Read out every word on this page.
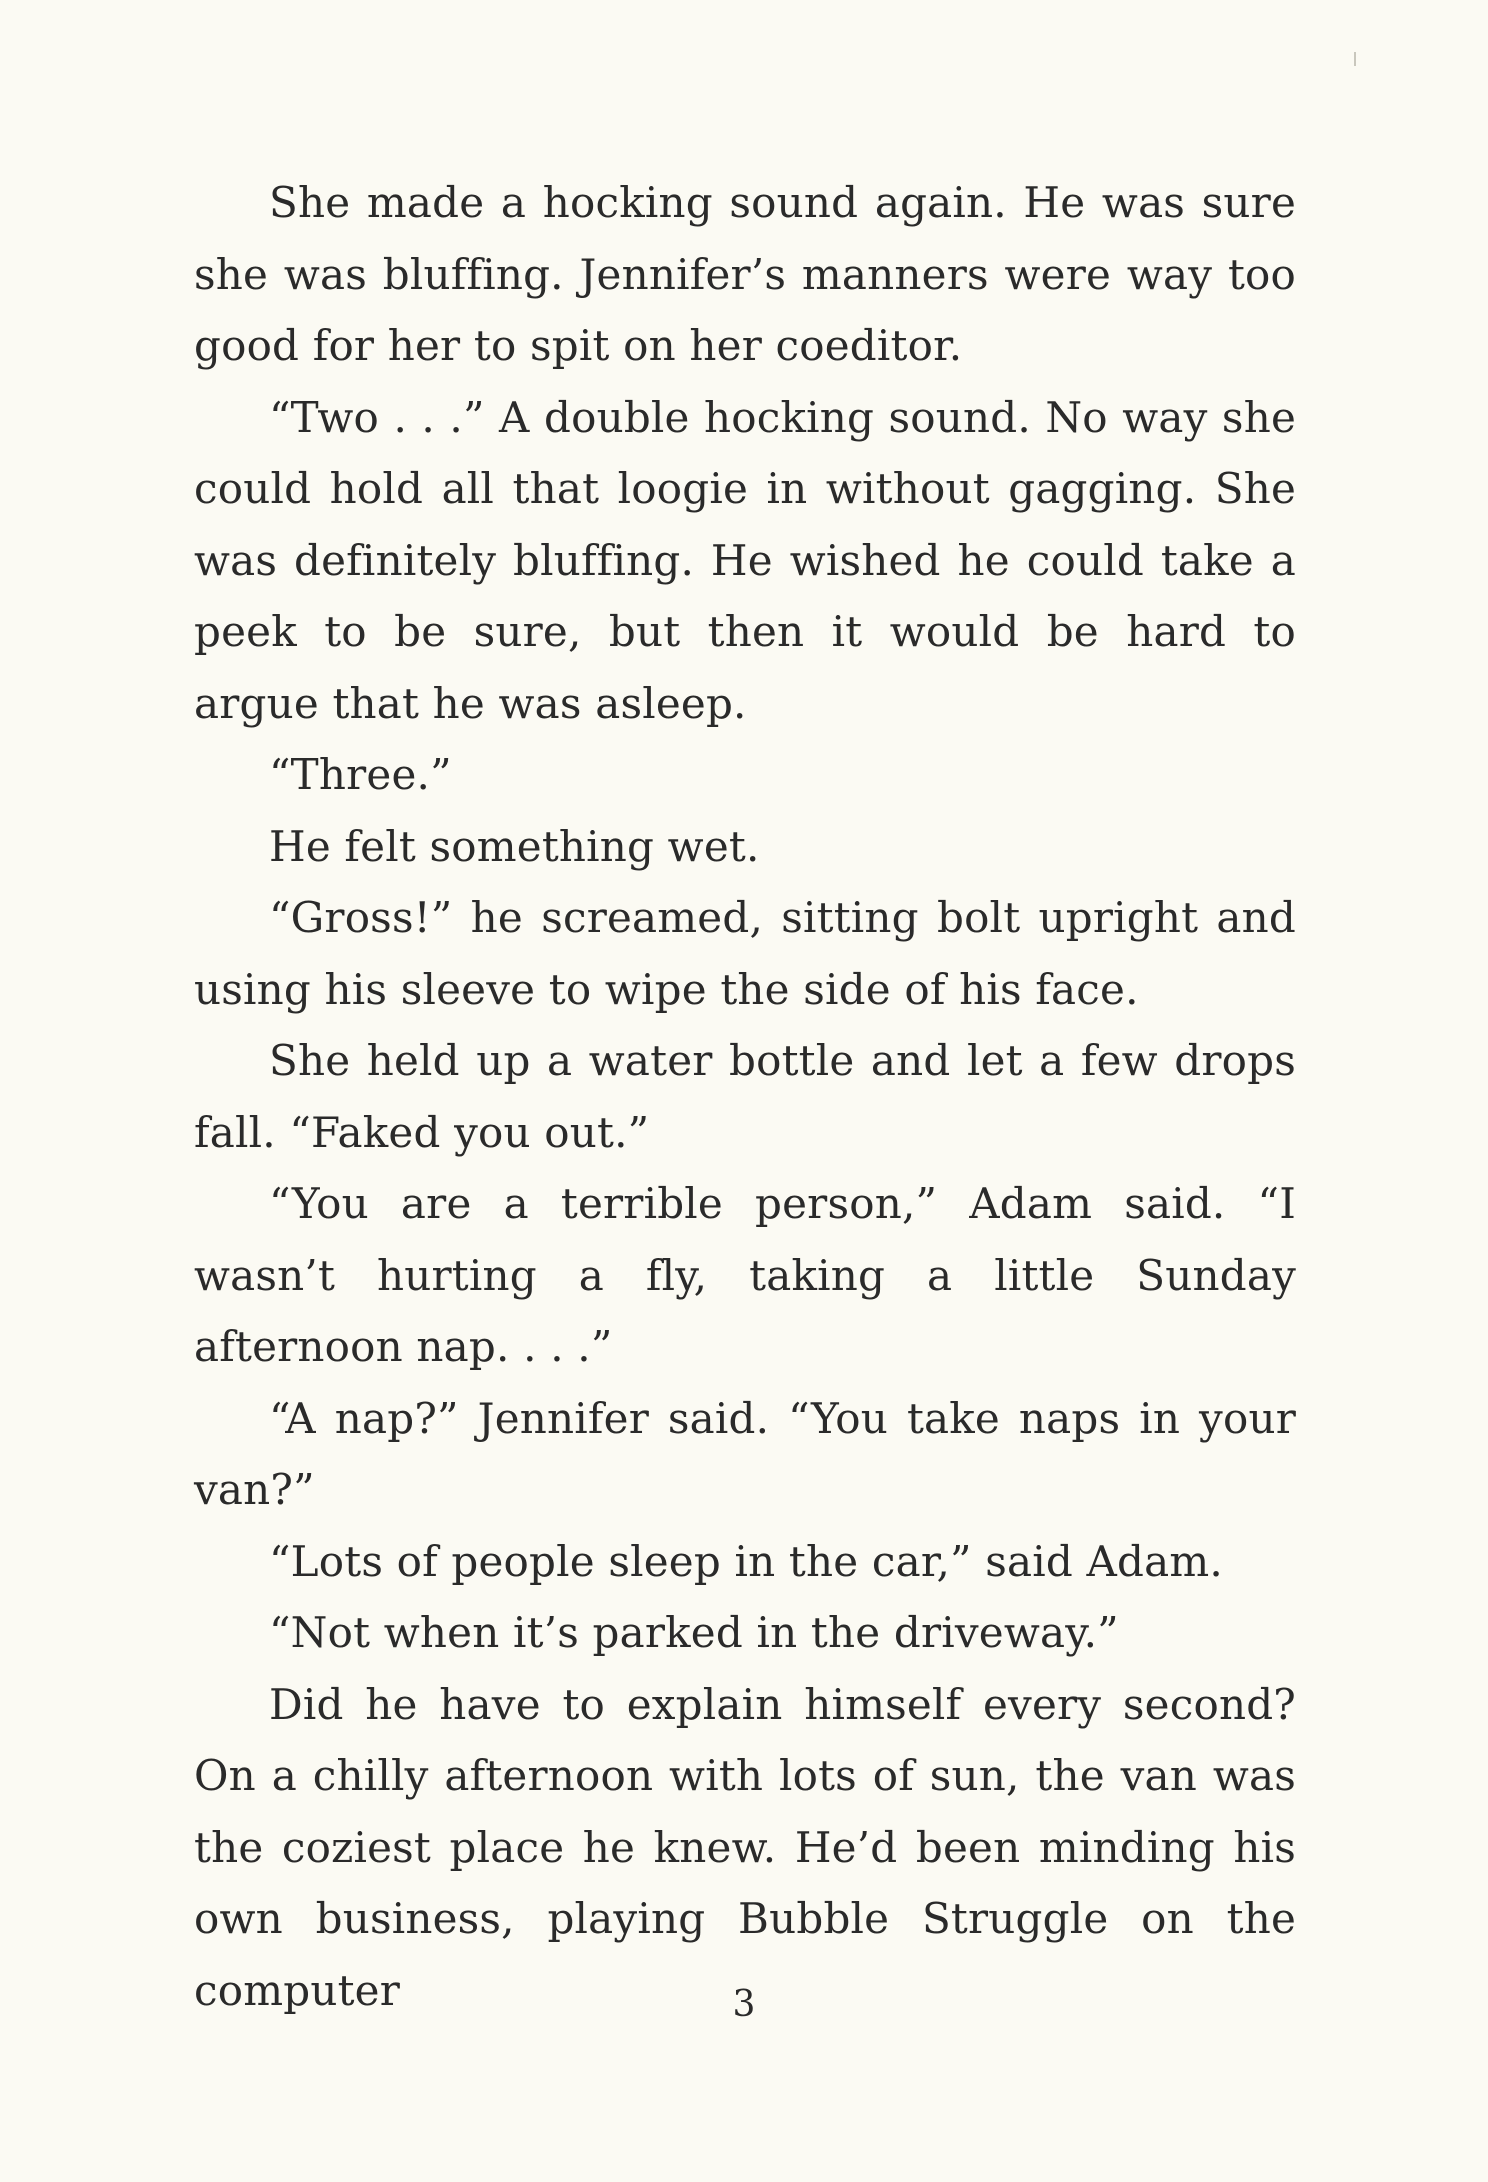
She made a hocking sound again. He was sure she was bluffing. Jennifer’s manners were way too good for her to spit on her coeditor.

“Two . . .” A double hocking sound. No way she could hold all that loogie in without gagging. She was definitely bluffing. He wished he could take a peek to be sure, but then it would be hard to argue that he was asleep.

“Three.”

He felt something wet.

“Gross!” he screamed, sitting bolt upright and using his sleeve to wipe the side of his face.

She held up a water bottle and let a few drops fall. “Faked you out.”

“You are a terrible person,” Adam said. “I wasn’t hurting a fly, taking a little Sunday afternoon nap. . . .”

“A nap?” Jennifer said. “You take naps in your van?”

“Lots of people sleep in the car,” said Adam.

“Not when it’s parked in the driveway.”

Did he have to explain himself every second? On a chilly afternoon with lots of sun, the van was the coziest place he knew. He’d been minding his own business, playing Bubble Struggle on the computer	3
